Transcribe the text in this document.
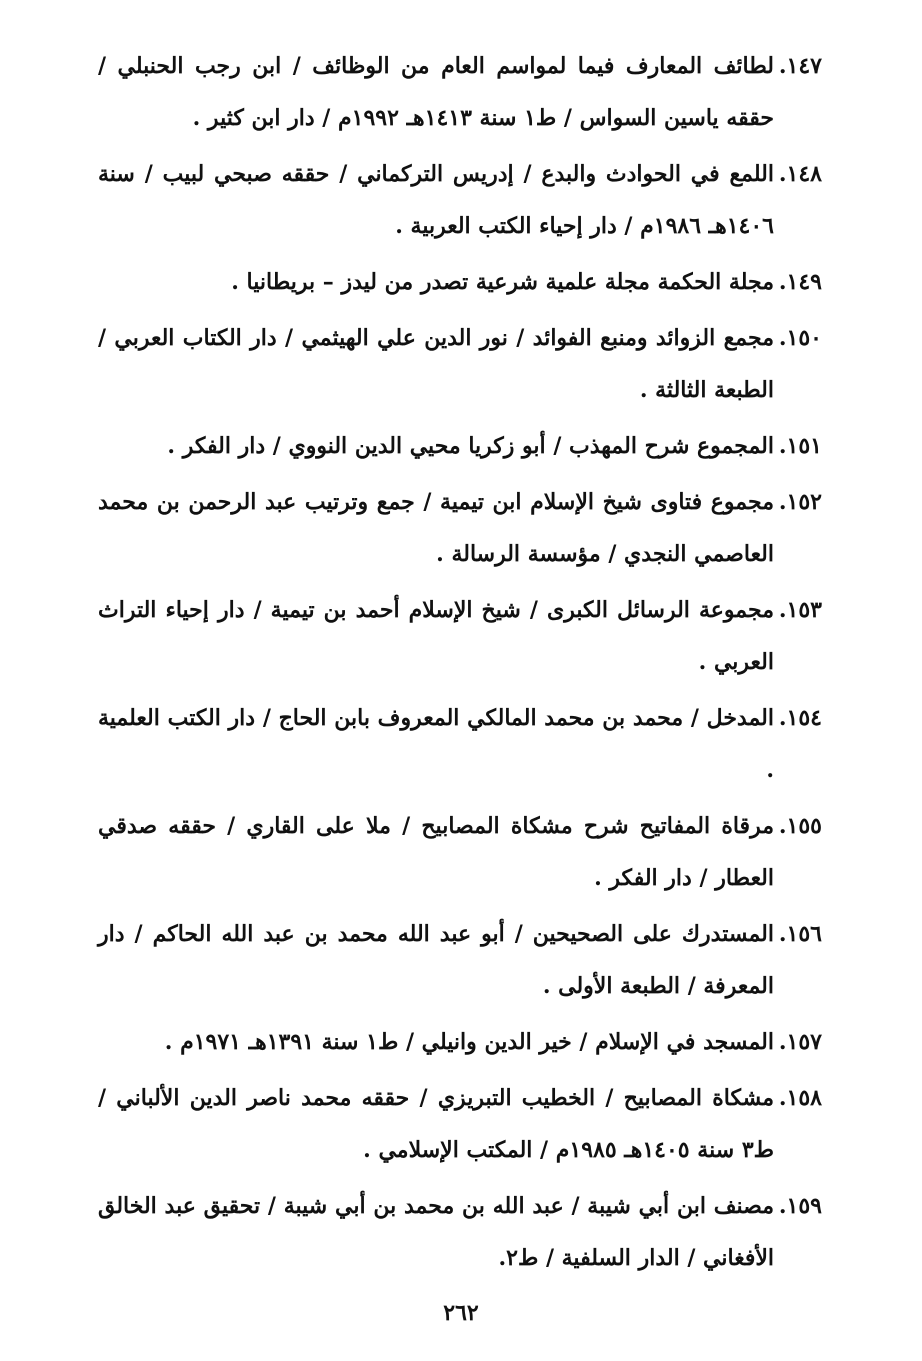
١٤٧.
لطائف المعارف فيما لمواسم العام من الوظائف / ابن رجب الحنبلي / حققه ياسين السواس / ط١ سنة ١٤١٣هـ ١٩٩٢م / دار ابن كثير .
١٤٨.
اللمع في الحوادث والبدع / إدريس التركماني / حققه صبحي لبيب / سنة ١٤٠٦هـ ١٩٨٦م / دار إحياء الكتب العربية .
١٤٩.
مجلة الحكمة مجلة علمية شرعية تصدر من ليدز – بريطانيا .
١٥٠.
مجمع الزوائد ومنبع الفوائد / نور الدين علي الهيثمي / دار الكتاب العربي / الطبعة الثالثة .
١٥١.
المجموع شرح المهذب / أبو زكريا محيي الدين النووي / دار الفكر .
١٥٢.
مجموع فتاوى شيخ الإسلام ابن تيمية / جمع وترتيب عبد الرحمن بن محمد العاصمي النجدي / مؤسسة الرسالة .
١٥٣.
مجموعة الرسائل الكبرى / شيخ الإسلام أحمد بن تيمية / دار إحياء التراث العربي .
١٥٤.
المدخل / محمد بن محمد المالكي المعروف بابن الحاج / دار الكتب العلمية .
١٥٥.
مرقاة المفاتيح شرح مشكاة المصابيح / ملا على القاري / حققه صدقي العطار / دار الفكر .
١٥٦.
المستدرك على الصحيحين / أبو عبد الله محمد بن عبد الله الحاكم / دار المعرفة / الطبعة الأولى .
١٥٧.
المسجد في الإسلام / خير الدين وانيلي / ط١ سنة ١٣٩١هـ ١٩٧١م .
١٥٨.
مشكاة المصابيح / الخطيب التبريزي / حققه محمد ناصر الدين الألباني / ط٣ سنة ١٤٠٥هـ ١٩٨٥م / المكتب الإسلامي .
١٥٩.
مصنف ابن أبي شيبة / عبد الله بن محمد بن أبي شيبة / تحقيق عبد الخالق الأفغاني / الدار السلفية / ط٢.
٢٦٢
